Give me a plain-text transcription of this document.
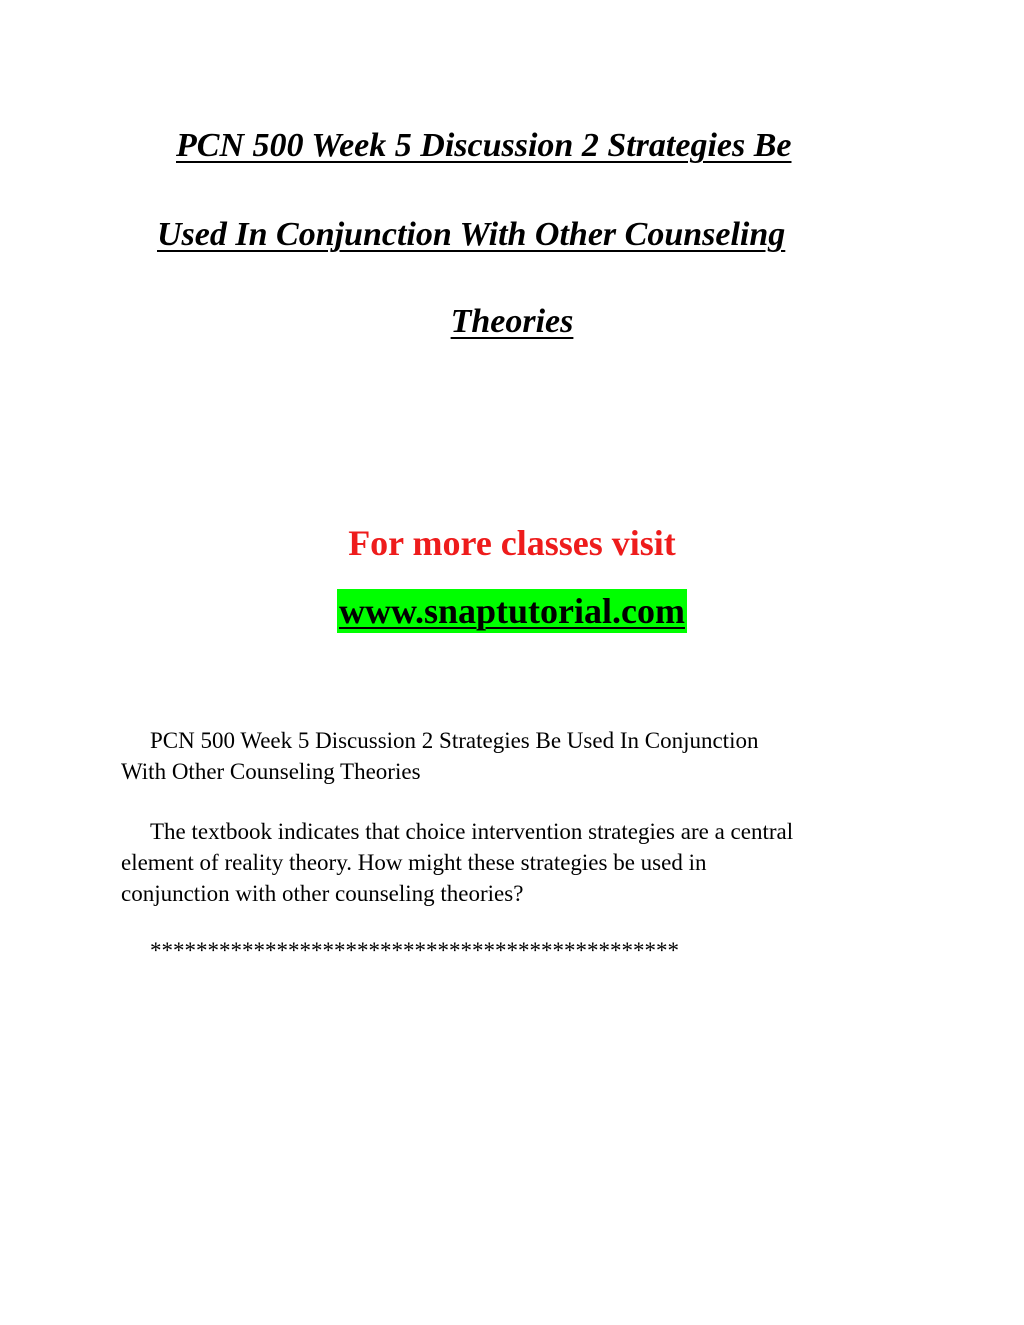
PCN 500 Week 5 Discussion 2 Strategies Be
Used In Conjunction With Other Counseling
Theories
For more classes visit
www.snaptutorial.com

PCN 500 Week 5 Discussion 2 Strategies Be Used In Conjunction
With Other Counseling Theories

The textbook indicates that choice intervention strategies are a central
element of reality theory. How might these strategies be used in
conjunction with other counseling theories?

**********************************************
